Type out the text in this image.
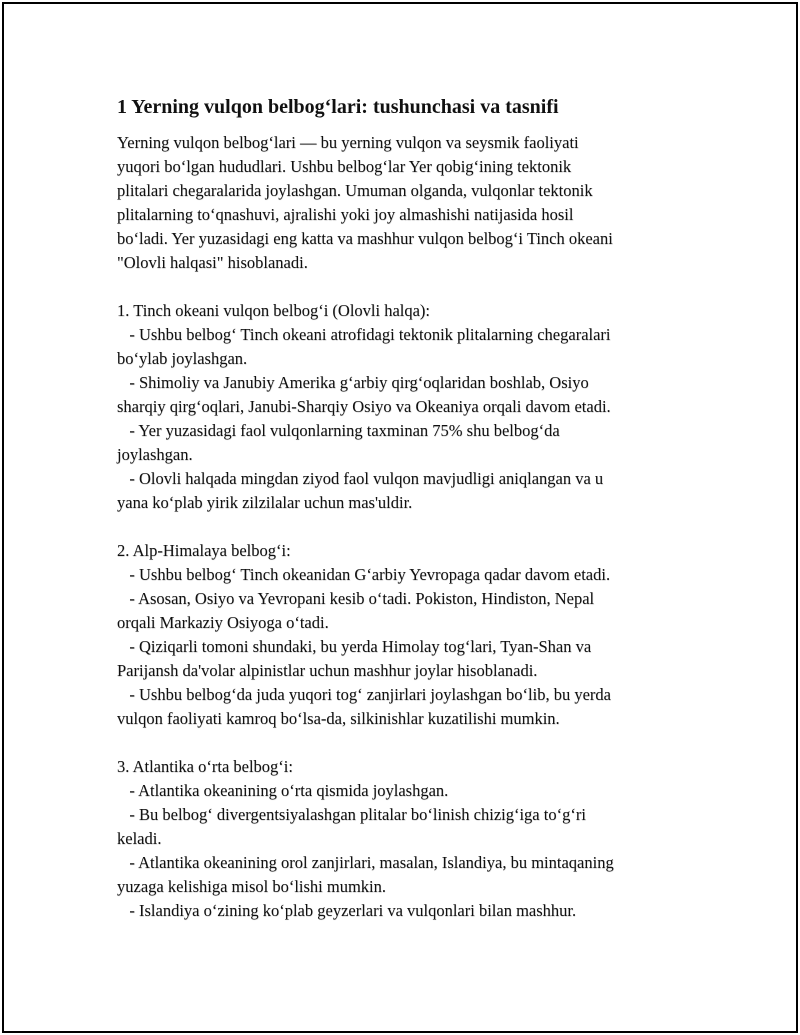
1 Yerning vulqon belbog‘lari: tushunchasi va tasnifi
Yerning vulqon belbog‘lari — bu yerning vulqon va seysmik faoliyati
yuqori bo‘lgan hududlari. Ushbu belbog‘lar Yer qobig‘ining tektonik
plitalari chegaralarida joylashgan. Umuman olganda, vulqonlar tektonik
plitalarning to‘qnashuvi, ajralishi yoki joy almashishi natijasida hosil
bo‘ladi. Yer yuzasidagi eng katta va mashhur vulqon belbog‘i Tinch okeani
"Olovli halqasi" hisoblanadi.
1. Tinch okeani vulqon belbog‘i (Olovli halqa):
- Ushbu belbog‘ Tinch okeani atrofidagi tektonik plitalarning chegaralari
bo‘ylab joylashgan.
- Shimoliy va Janubiy Amerika g‘arbiy qirg‘oqlaridan boshlab, Osiyo
sharqiy qirg‘oqlari, Janubi-Sharqiy Osiyo va Okeaniya orqali davom etadi.
- Yer yuzasidagi faol vulqonlarning taxminan 75% shu belbog‘da
joylashgan.
- Olovli halqada mingdan ziyod faol vulqon mavjudligi aniqlangan va u
yana ko‘plab yirik zilzilalar uchun mas'uldir.
2. Alp-Himalaya belbog‘i:
- Ushbu belbog‘ Tinch okeanidan G‘arbiy Yevropaga qadar davom etadi.
- Asosan, Osiyo va Yevropani kesib o‘tadi. Pokiston, Hindiston, Nepal
orqali Markaziy Osiyoga o‘tadi.
- Qiziqarli tomoni shundaki, bu yerda Himolay tog‘lari, Tyan-Shan va
Parijansh da'volar alpinistlar uchun mashhur joylar hisoblanadi.
- Ushbu belbog‘da juda yuqori tog‘ zanjirlari joylashgan bo‘lib, bu yerda
vulqon faoliyati kamroq bo‘lsa-da, silkinishlar kuzatilishi mumkin.
3. Atlantika o‘rta belbog‘i:
- Atlantika okeanining o‘rta qismida joylashgan.
- Bu belbog‘ divergentsiyalashgan plitalar bo‘linish chizig‘iga to‘g‘ri
keladi.
- Atlantika okeanining orol zanjirlari, masalan, Islandiya, bu mintaqaning
yuzaga kelishiga misol bo‘lishi mumkin.
- Islandiya o‘zining ko‘plab geyzerlari va vulqonlari bilan mashhur.
